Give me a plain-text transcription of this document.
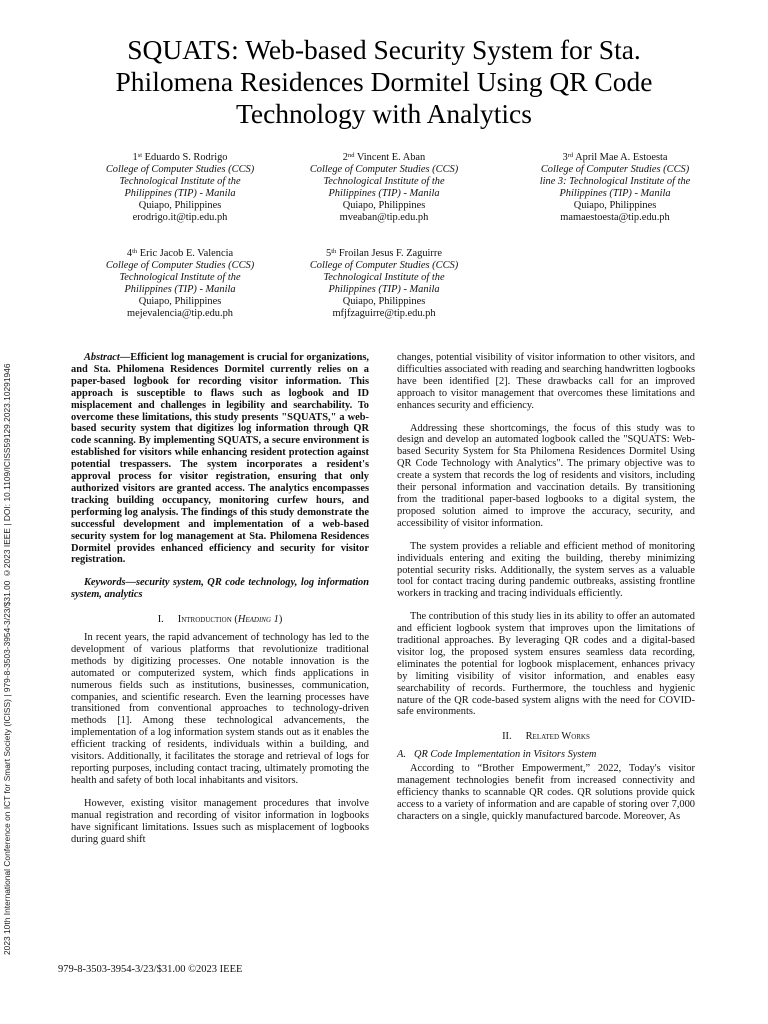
2023 10th International Conference on ICT for Smart Society (ICISS) | 979-8-3503-3954-3/23/$31.00 ©2023 IEEE | DOI: 10.1109/ICISS59129.2023.10291946
SQUATS: Web-based Security System for Sta. Philomena Residences Dormitel Using QR Code Technology with Analytics
1st Eduardo S. Rodrigo
College of Computer Studies (CCS)
Technological Institute of the
Philippines (TIP) - Manila
Quiapo, Philippines
erodrigo.it@tip.edu.ph
2nd Vincent E. Aban
College of Computer Studies (CCS)
Technological Institute of the
Philippines (TIP) - Manila
Quiapo, Philippines
mveaban@tip.edu.ph
3rd April Mae A. Estoesta
College of Computer Studies (CCS)
line 3: Technological Institute of the
Philippines (TIP) - Manila
Quiapo, Philippines
mamaestoesta@tip.edu.ph
4th Eric Jacob E. Valencia
College of Computer Studies (CCS)
Technological Institute of the
Philippines (TIP) - Manila
Quiapo, Philippines
mejevalencia@tip.edu.ph
5th Froilan Jesus F. Zaguirre
College of Computer Studies (CCS)
Technological Institute of the
Philippines (TIP) - Manila
Quiapo, Philippines
mfjfzaguirre@tip.edu.ph

Abstract—Efficient log management is crucial for organizations, and Sta. Philomena Residences Dormitel currently relies on a paper-based logbook for recording visitor information. This approach is susceptible to flaws such as logbook and ID misplacement and challenges in legibility and searchability. To overcome these limitations, this study presents "SQUATS," a web-based security system that digitizes log information through QR code scanning. By implementing SQUATS, a secure environment is established for visitors while enhancing resident protection against potential trespassers. The system incorporates a resident's approval process for visitor registration, ensuring that only authorized visitors are granted access. The analytics encompasses tracking building occupancy, monitoring curfew hours, and performing log analysis. The findings of this study demonstrate the successful development and implementation of a web-based security system for log management at Sta. Philomena Residences Dormitel provides enhanced efficiency and security for visitor registration.

Keywords—security system, QR code technology, log information system, analytics

I. Introduction (Heading 1)

In recent years, the rapid advancement of technology has led to the development of various platforms that revolutionize traditional methods by digitizing processes. One notable innovation is the automated or computerized system, which finds applications in numerous fields such as institutions, businesses, communication, companies, and scientific research. Even the learning processes have transitioned from conventional approaches to technology-driven methods [1]. Among these technological advancements, the implementation of a log information system stands out as it enables the efficient tracking of residents, individuals within a building, and visitors. Additionally, it facilitates the storage and retrieval of logs for reporting purposes, including contact tracing, ultimately promoting the health and safety of both local inhabitants and visitors.

However, existing visitor management procedures that involve manual registration and recording of visitor information in logbooks have significant limitations. Issues such as misplacement of logbooks during guard shift

changes, potential visibility of visitor information to other visitors, and difficulties associated with reading and searching handwritten logbooks have been identified [2]. These drawbacks call for an improved approach to visitor management that overcomes these limitations and enhances security and efficiency.

Addressing these shortcomings, the focus of this study was to design and develop an automated logbook called the "SQUATS: Web-based Security System for Sta Philomena Residences Dormitel Using QR Code Technology with Analytics". The primary objective was to create a system that records the log of residents and visitors, including their personal information and vaccination details. By transitioning from the traditional paper-based logbooks to a digital system, the proposed solution aimed to improve the accuracy, security, and accessibility of visitor information.

The system provides a reliable and efficient method of monitoring individuals entering and exiting the building, thereby minimizing potential security risks. Additionally, the system serves as a valuable tool for contact tracing during pandemic outbreaks, assisting frontline workers in tracking and tracing individuals efficiently.

The contribution of this study lies in its ability to offer an automated and efficient logbook system that improves upon the limitations of traditional approaches. By leveraging QR codes and a digital-based visitor log, the proposed system ensures seamless data recording, eliminates the potential for logbook misplacement, enhances privacy by limiting visibility of visitor information, and enables easy searchability of records. Furthermore, the touchless and hygienic nature of the QR code-based system aligns with the need for COVID-safe environments.

II. Related Works
A. QR Code Implementation in Visitors System

According to “Brother Empowerment,” 2022, Today's visitor management technologies benefit from increased connectivity and efficiency thanks to scannable QR codes. QR solutions provide quick access to a variety of information and are capable of storing over 7,000 characters on a single, quickly manufactured barcode. Moreover, As

979-8-3503-3954-3/23/$31.00 ©2023 IEEE
